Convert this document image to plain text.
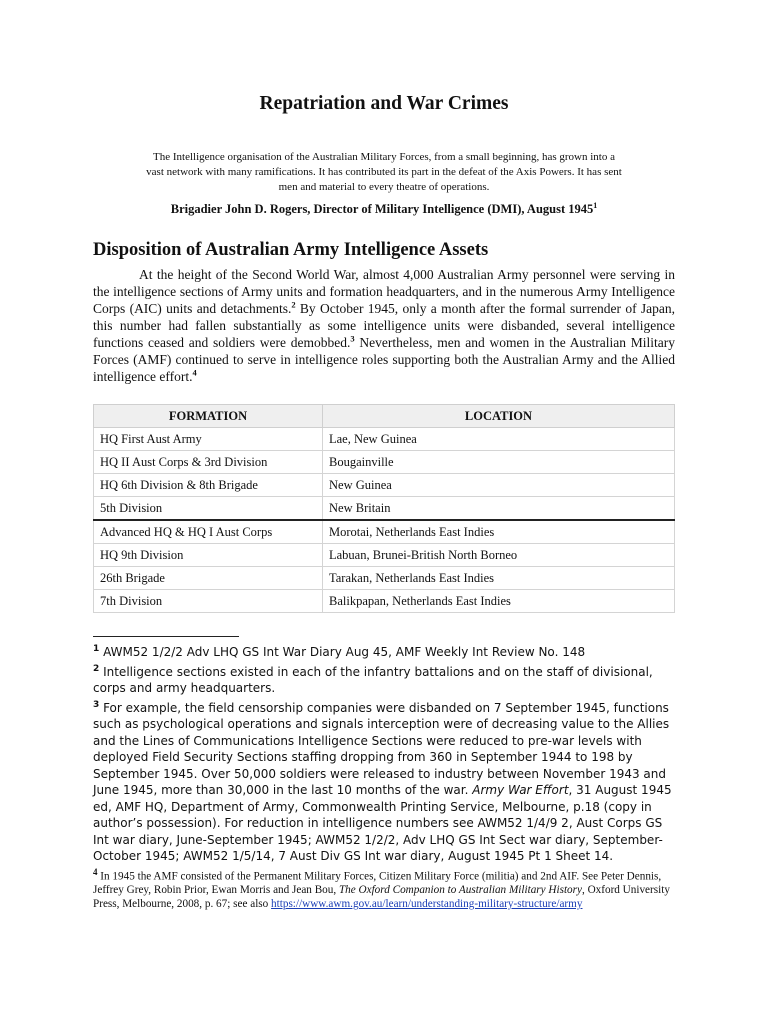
Repatriation and War Crimes
The Intelligence organisation of the Australian Military Forces, from a small beginning, has grown into a vast network with many ramifications. It has contributed its part in the defeat of the Axis Powers. It has sent men and material to every theatre of operations.
Brigadier John D. Rogers, Director of Military Intelligence (DMI), August 1945$^1$
Disposition of Australian Army Intelligence Assets
At the height of the Second World War, almost 4,000 Australian Army personnel were serving in the intelligence sections of Army units and formation headquarters, and in the numerous Army Intelligence Corps (AIC) units and detachments.$^2$ By October 1945, only a month after the formal surrender of Japan, this number had fallen substantially as some intelligence units were disbanded, several intelligence functions ceased and soldiers were demobbed.$^3$ Nevertheless, men and women in the Australian Military Forces (AMF) continued to serve in intelligence roles supporting both the Australian Army and the Allied intelligence effort.$^4$
FORMATION	LOCATION
HQ First Aust Army	Lae, New Guinea
HQ II Aust Corps & 3rd Division	Bougainville
HQ 6th Division & 8th Brigade	New Guinea
5th Division	New Britain
Advanced HQ & HQ I Aust Corps	Morotai, Netherlands East Indies
HQ 9th Division	Labuan, Brunei-British North Borneo
26th Brigade	Tarakan, Netherlands East Indies
7th Division	Balikpapan, Netherlands East Indies

$^1$ AWM52 1/2/2 Adv LHQ GS Int War Diary Aug 45, AMF Weekly Int Review No. 148

$^2$ Intelligence sections existed in each of the infantry battalions and on the staff of divisional, corps and army headquarters.

$^3$ For example, the field censorship companies were disbanded on 7 September 1945, functions such as psychological operations and signals interception were of decreasing value to the Allies and the Lines of Communications Intelligence Sections were reduced to pre-war levels with deployed Field Security Sections staffing dropping from 360 in September 1944 to 198 by September 1945. Over 50,000 soldiers were released to industry between November 1943 and June 1945, more than 30,000 in the last 10 months of the war. Army War Effort, 31 August 1945 ed, AMF HQ, Department of Army, Commonwealth Printing Service, Melbourne, p.18 (copy in author’s possession). For reduction in intelligence numbers see AWM52 1/4/9 2, Aust Corps GS Int war diary, June-September 1945; AWM52 1/2/2, Adv LHQ GS Int Sect war diary, September-October 1945; AWM52 1/5/14, 7 Aust Div GS Int war diary, August 1945 Pt 1 Sheet 14.

$^4$ In 1945 the AMF consisted of the Permanent Military Forces, Citizen Military Force (militia) and 2nd AIF. See Peter Dennis, Jeffrey Grey, Robin Prior, Ewan Morris and Jean Bou, The Oxford Companion to Australian Military History, Oxford University Press, Melbourne, 2008, p. 67; see also https://www.awm.gov.au/learn/understanding-military-structure/army
